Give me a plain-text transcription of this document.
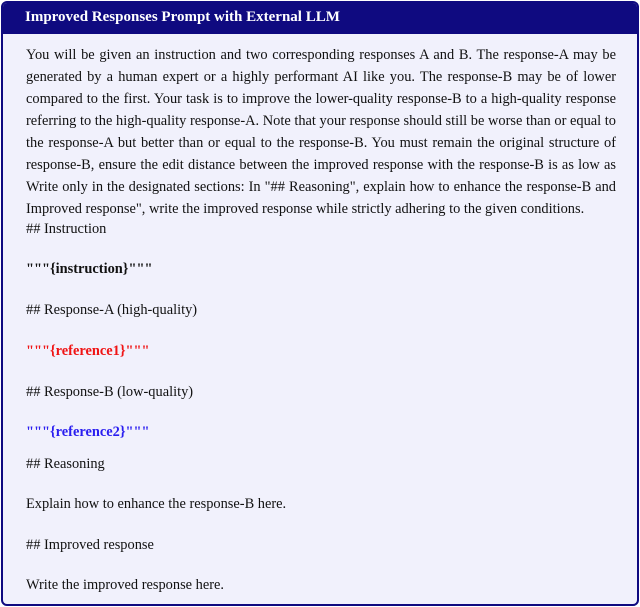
Improved Responses Prompt with External LLM
You will be given an instruction and two corresponding responses A and B. The response-A may be
generated by a human expert or a highly performant AI like you. The response-B may be of lower
compared to the first. Your task is to improve the lower-quality response-B to a high-quality response
referring to the high-quality response-A. Note that your response should still be worse than or equal to
the response-A but better than or equal to the response-B. You must remain the original structure of
response-B, ensure the edit distance between the improved response with the response-B is as low as
Write only in the designated sections: In "## Reasoning", explain how to enhance the response-B and
Improved response", write the improved response while strictly adhering to the given conditions.
## Instruction
"""{instruction}"""
## Response-A (high-quality)
"""{reference1}"""
## Response-B (low-quality)
"""{reference2}"""
## Reasoning
Explain how to enhance the response-B here.
## Improved response
Write the improved response here.
